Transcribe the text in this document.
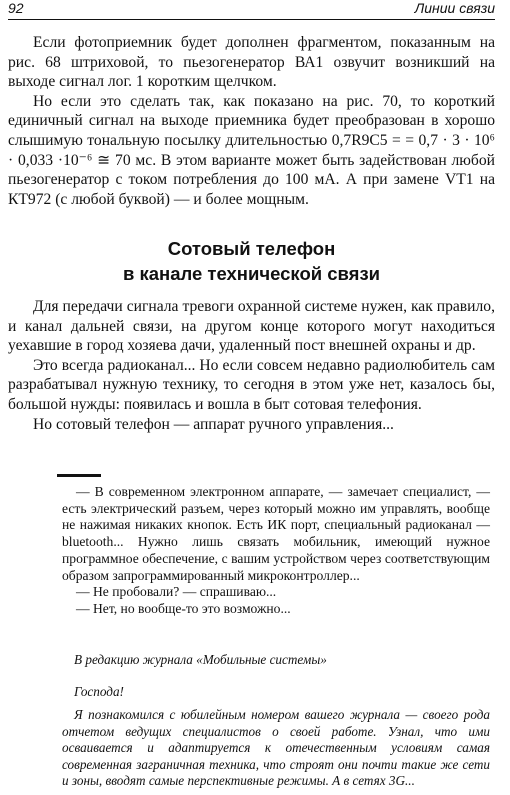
92	Линии связи

Если фотоприемник будет дополнен фрагментом, показанным на рис. 68 штриховой, то пьезогенератор ВА1 озвучит возникший на выходе сигнал лог. 1 коротким щелчком.

Но если это сделать так, как показано на рис. 70, то короткий единичный сигнал на выходе приемника будет преобразован в хорошо слышимую тональную посылку длительностью 0,7R9C5 = = 0,7 · 3 · 10⁶ · 0,033 ·10⁻⁶ ≅ 70 мс. В этом варианте может быть задействован любой пьезогенератор с током потребления до 100 мА. А при замене VT1 на КТ972 (с любой буквой) — и более мощным.

Сотовый телефон
в канале технической связи

Для передачи сигнала тревоги охранной системе нужен, как правило, и канал дальней связи, на другом конце которого могут находиться уехавшие в город хозяева дачи, удаленный пост внешней охраны и др.

Это всегда радиоканал... Но если совсем недавно радиолюбитель сам разрабатывал нужную технику, то сегодня в этом уже нет, казалось бы, большой нужды: появилась и вошла в быт сотовая телефония.

Но сотовый телефон — аппарат ручного управления...

— В современном электронном аппарате, — замечает специалист, — есть электрический разъем, через который можно им управлять, вообще не нажимая никаких кнопок. Есть ИК порт, специальный радиоканал — bluetooth... Нужно лишь связать мобильник, имеющий нужное программное обеспечение, с вашим устройством через соответствующим образом запрограммированный микроконтроллер...

— Не пробовали? — спрашиваю...

— Нет, но вообще-то это возможно...

В редакцию журнала «Мобильные системы»
Господа!

Я познакомился с юбилейным номером вашего журнала — своего рода отчетом ведущих специалистов о своей работе. Узнал, что ими осваивается и адаптируется к отечественным условиям самая современная заграничная техника, что строят они почти такие же сети и зоны, вводят самые перспективные режимы. А в сетях 3G...
